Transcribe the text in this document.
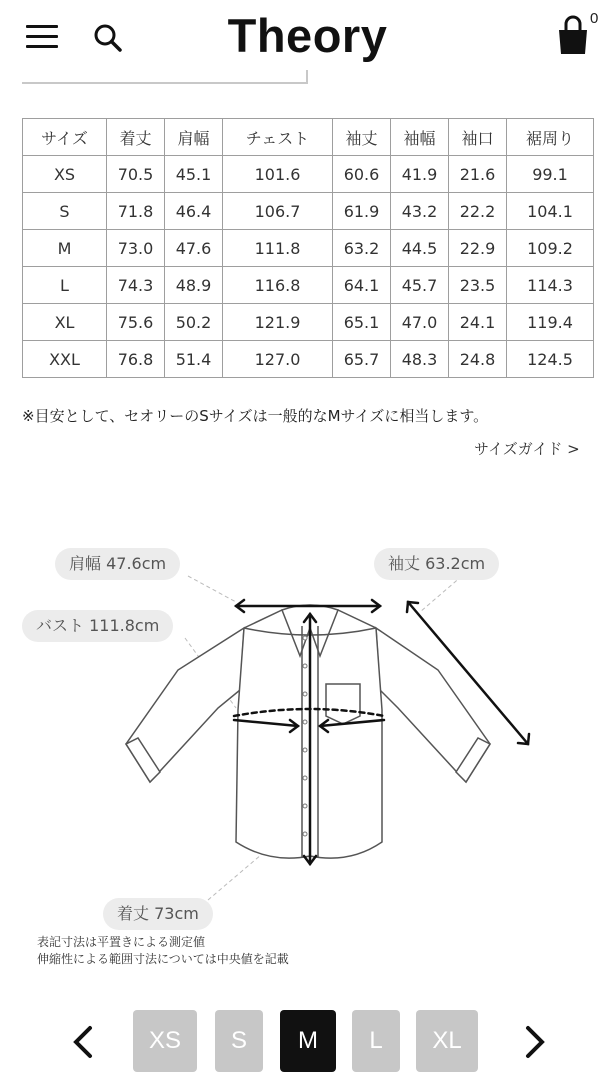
Theory	0
サイズ	着丈	肩幅	チェスト	袖丈	袖幅	袖口	裾周り
XS	70.5	45.1	101.6	60.6	41.9	21.6	99.1
S	71.8	46.4	106.7	61.9	43.2	22.2	104.1
M	73.0	47.6	111.8	63.2	44.5	22.9	109.2
L	74.3	48.9	116.8	64.1	45.7	23.5	114.3
XL	75.6	50.2	121.9	65.1	47.0	24.1	119.4
XXL	76.8	51.4	127.0	65.7	48.3	24.8	124.5
※目安として、セオリーのSサイズは一般的なMサイズに相当します。
サイズガイド >
肩幅 47.6cm	袖丈 63.2cm
バスト 111.8cm
着丈 73cm
表記寸法は平置きによる測定値
伸縮性による範囲寸法については中央値を記載
XS	S	M	L	XL
